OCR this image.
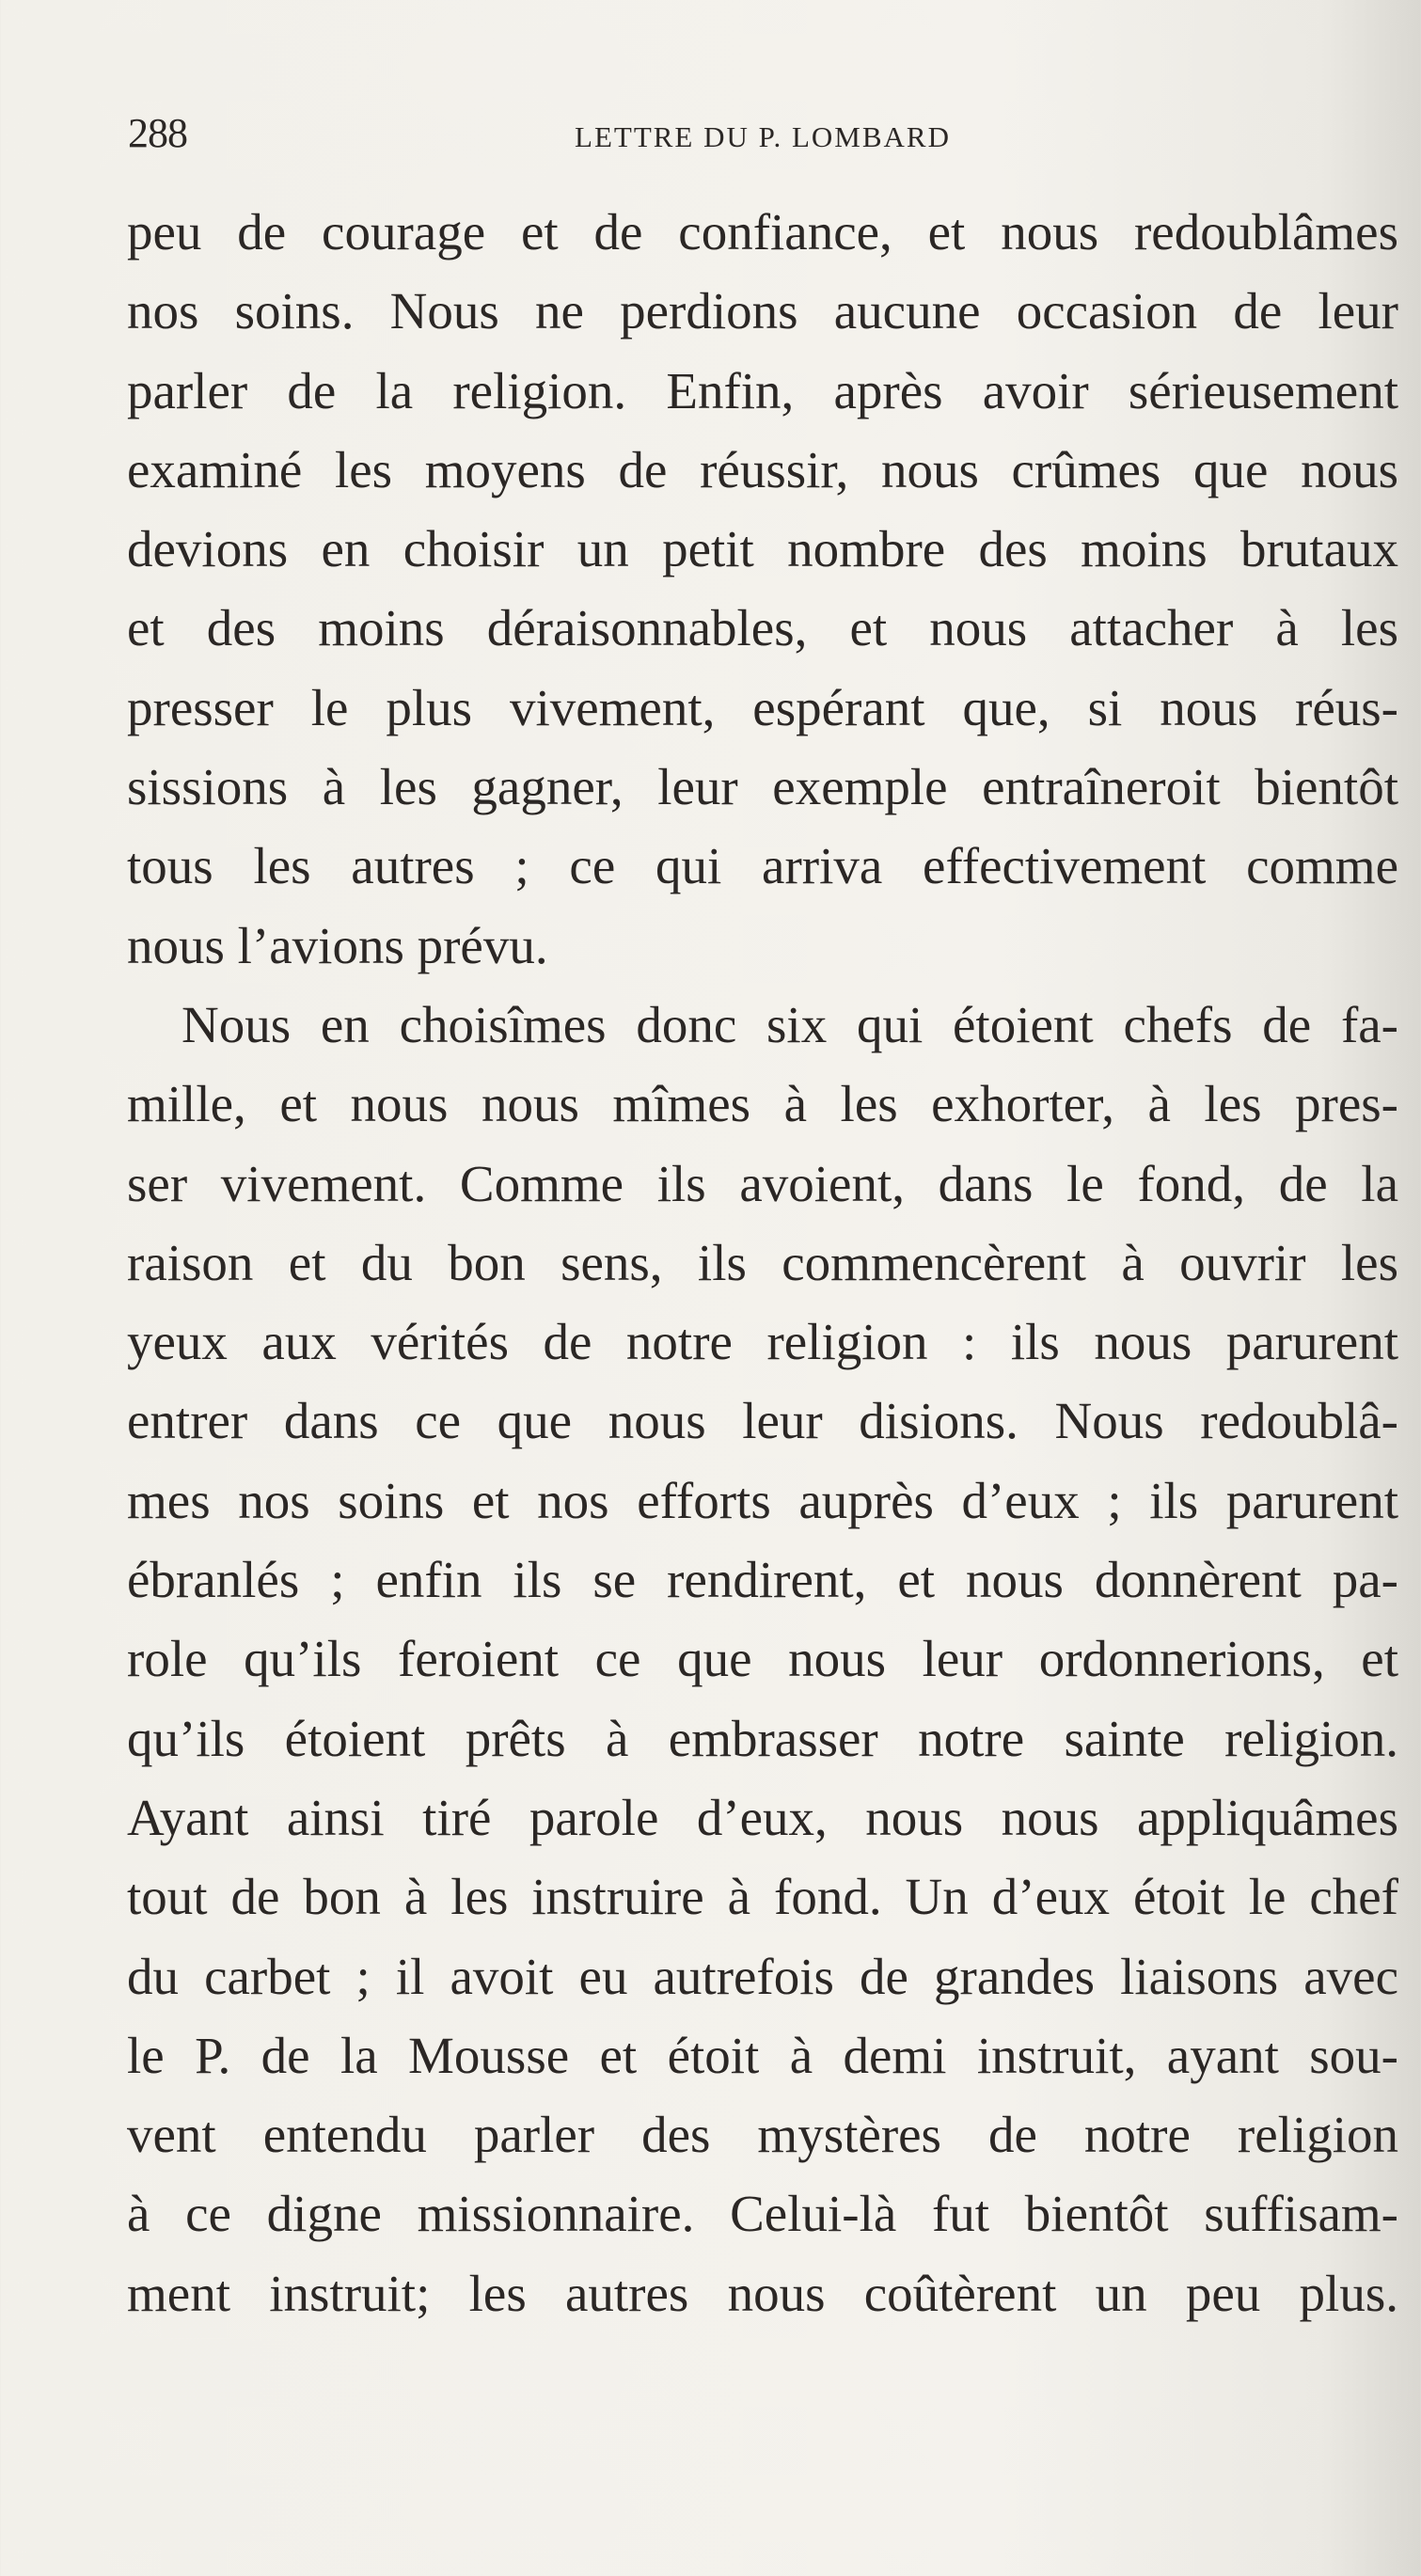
288	LETTRE DU P. LOMBARD
peu de courage et de confiance, et nous redoublâmes
nos soins. Nous ne perdions aucune occasion de leur
parler de la religion. Enfin, après avoir sérieusement
examiné les moyens de réussir, nous crûmes que nous
devions en choisir un petit nombre des moins brutaux
et des moins déraisonnables, et nous attacher à les
presser le plus vivement, espérant que, si nous réus-
sissions à les gagner, leur exemple entraîneroit bientôt
tous les autres ; ce qui arriva effectivement comme
nous l’avions prévu.
Nous en choisîmes donc six qui étoient chefs de fa-
mille, et nous nous mîmes à les exhorter, à les pres-
ser vivement. Comme ils avoient, dans le fond, de la
raison et du bon sens, ils commencèrent à ouvrir les
yeux aux vérités de notre religion : ils nous parurent
entrer dans ce que nous leur disions. Nous redoublâ-
mes nos soins et nos efforts auprès d’eux ; ils parurent
ébranlés ; enfin ils se rendirent, et nous donnèrent pa-
role qu’ils feroient ce que nous leur ordonnerions, et
qu’ils étoient prêts à embrasser notre sainte religion.
Ayant ainsi tiré parole d’eux, nous nous appliquâmes
tout de bon à les instruire à fond. Un d’eux étoit le chef
du carbet ; il avoit eu autrefois de grandes liaisons avec
le P. de la Mousse et étoit à demi instruit, ayant sou-
vent entendu parler des mystères de notre religion
à ce digne missionnaire. Celui-là fut bientôt suffisam-
ment instruit; les autres nous coûtèrent un peu plus.
